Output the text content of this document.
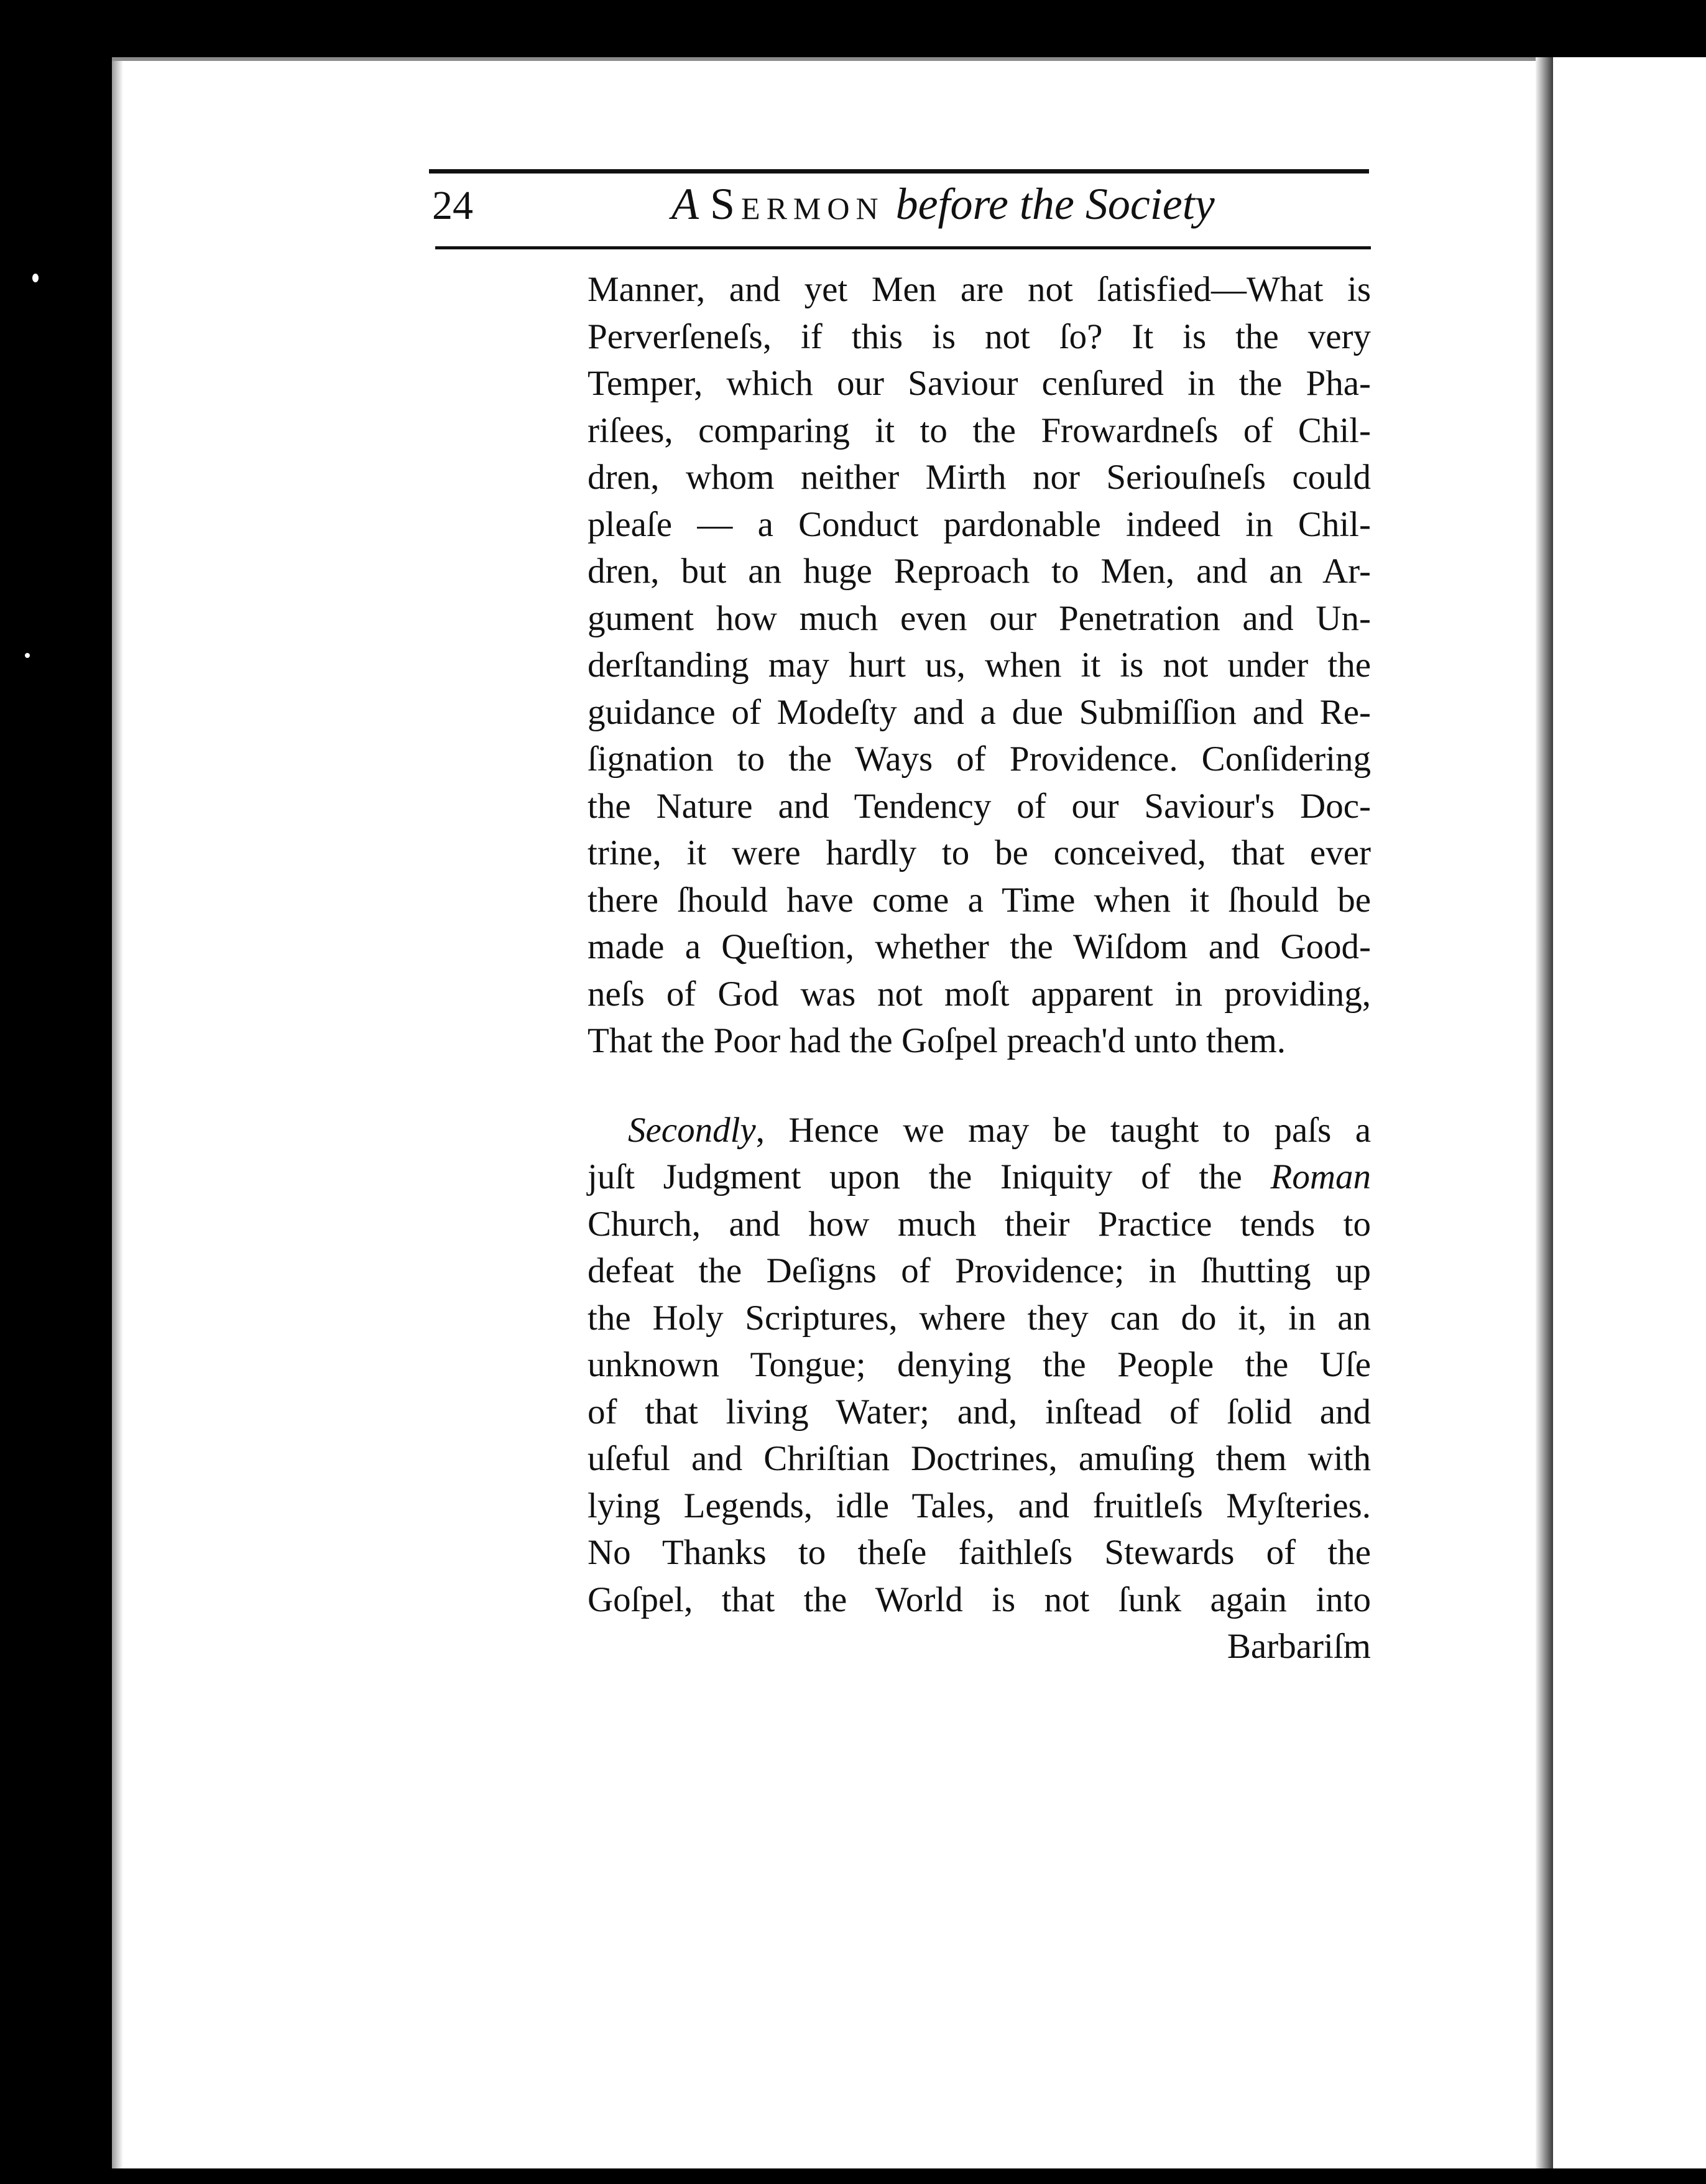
24	A Sermon before the Society
Manner, and yet Men are not ſatisfied—What is
Perverſeneſs, if this is not ſo? It is the very
Temper, which our Saviour cenſured in the Pha-
riſees, comparing it to the Frowardneſs of Chil-
dren, whom neither Mirth nor Seriouſneſs could
pleaſe — a Conduct pardonable indeed in Chil-
dren, but an huge Reproach to Men, and an Ar-
gument how much even our Penetration and Un-
derſtanding may hurt us, when it is not under the
guidance of Modeſty and a due Submiſſion and Re-
ſignation to the Ways of Providence. Conſidering
the Nature and Tendency of our Saviour's Doc-
trine, it were hardly to be conceived, that ever
there ſhould have come a Time when it ſhould be
made a Queſtion, whether the Wiſdom and Good-
neſs of God was not moſt apparent in providing,
That the Poor had the Goſpel preach'd unto them.
Secondly, Hence we may be taught to paſs a
juſt Judgment upon the Iniquity of the Roman
Church, and how much their Practice tends to
defeat the Deſigns of Providence; in ſhutting up
the Holy Scriptures, where they can do it, in an
unknown Tongue; denying the People the Uſe
of that living Water; and, inſtead of ſolid and
uſeful and Chriſtian Doctrines, amuſing them with
lying Legends, idle Tales, and fruitleſs Myſteries.
No Thanks to theſe faithleſs Stewards of the
Goſpel, that the World is not ſunk again into
Barbariſm
